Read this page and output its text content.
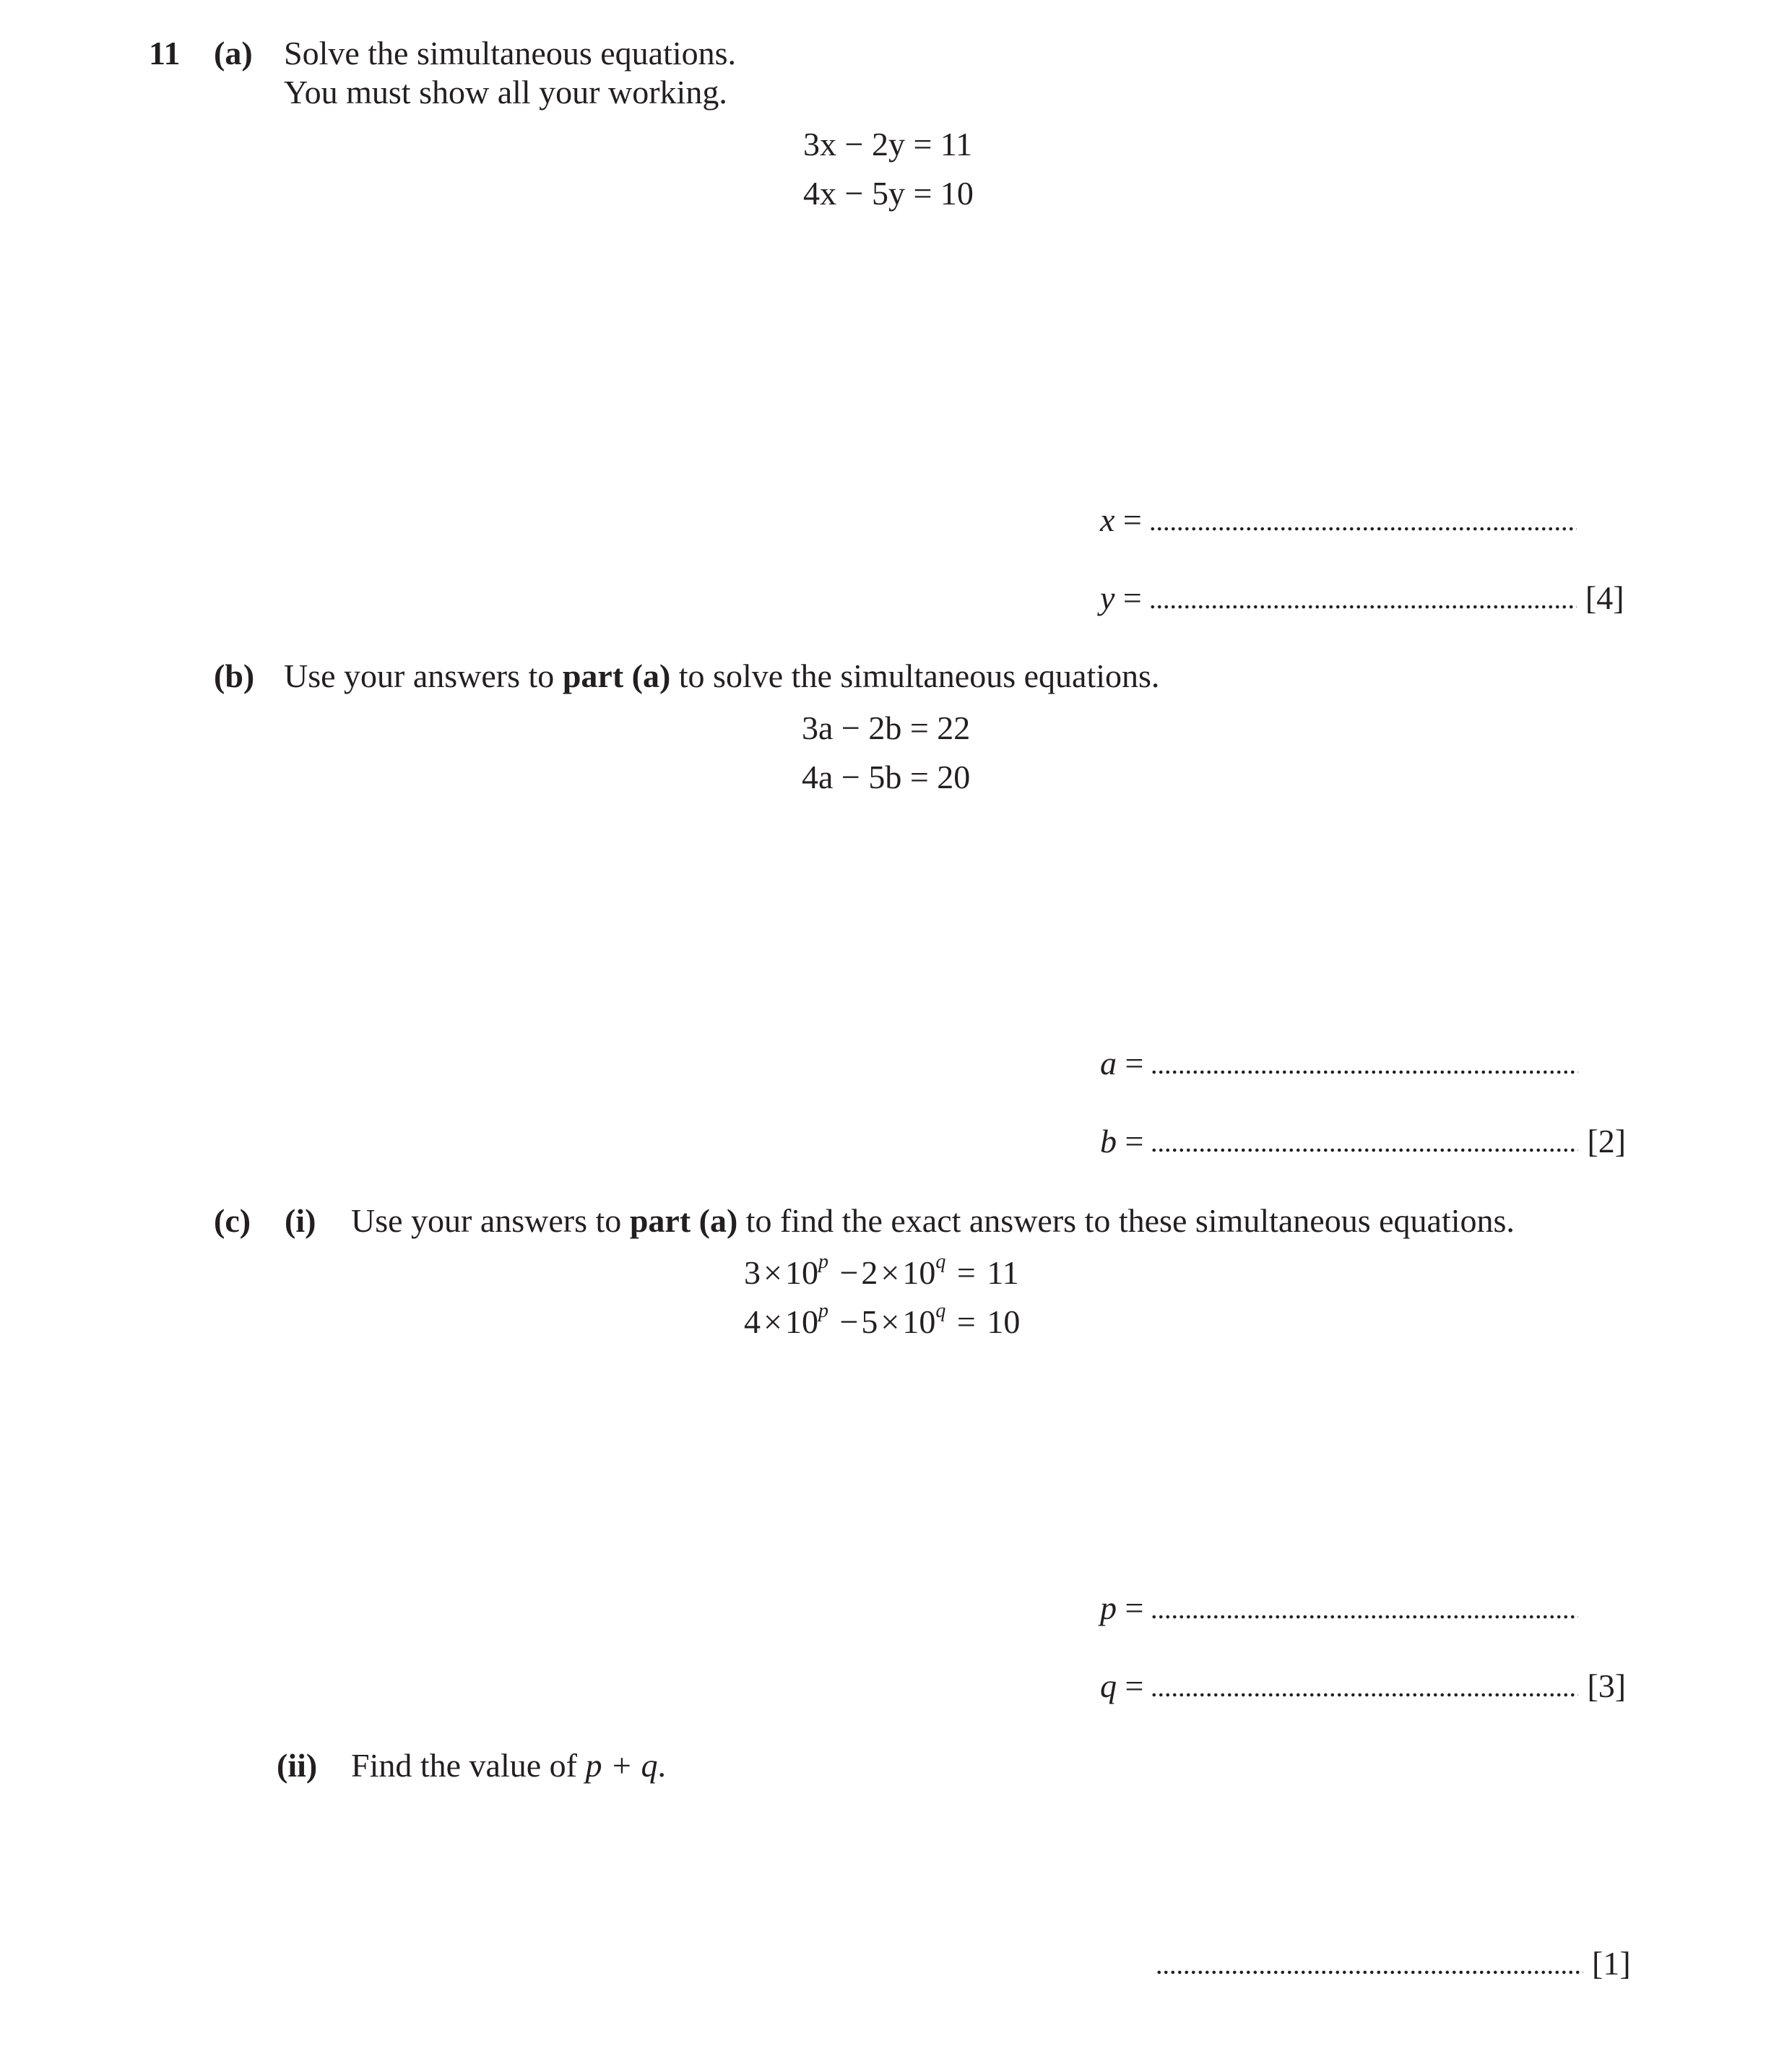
11 (a) Solve the simultaneous equations.
You must show all your working.
3x − 2y = 11
4x − 5y = 10
x =
y =	[4]
(b) Use your answers to part (a) to solve the simultaneous equations.
3a − 2b = 22
4a − 5b = 20
a =
b =	[2]
(c) (i) Use your answers to part (a) to find the exact answers to these simultaneous equations.
$3\times 10^p -2\times 10^q = 11$
$4\times 10^p -5\times 10^q = 10$
p =
q =	[3]
(ii) Find the value of p + q.
[1]
